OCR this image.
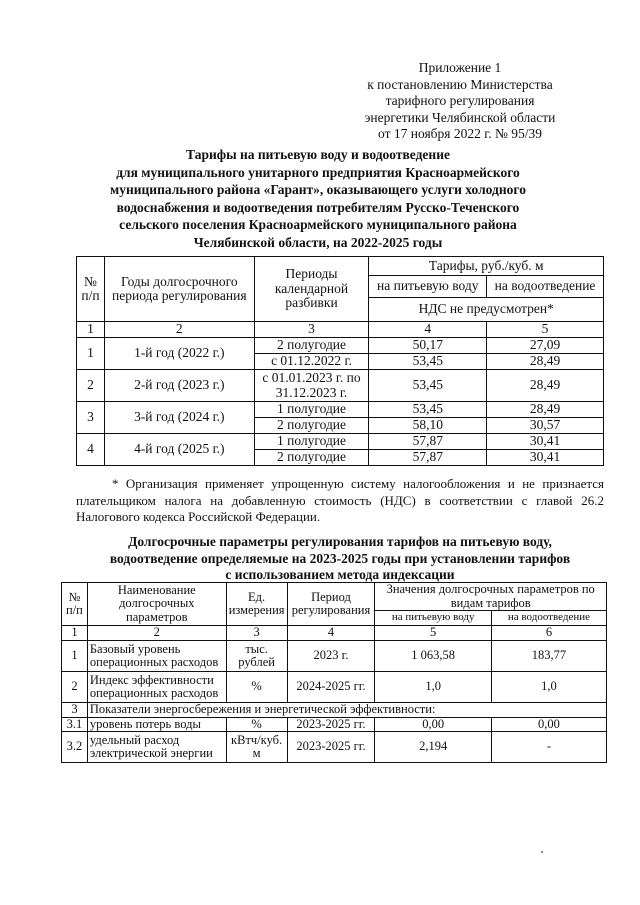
Приложение 1
к постановлению Министерства
тарифного регулирования
энергетики Челябинской области
от 17 ноября 2022 г. № 95/39
Тарифы на питьевую воду и водоотведение
для муниципального унитарного предприятия Красноармейского
муниципального района «Гарант», оказывающего услуги холодного
водоснабжения и водоотведения потребителям Русско-Теченского
сельского поселения Красноармейского муниципального района
Челябинской области, на 2022-2025 годы
№ п/п	Годы долгосрочного периода регулирования	Периоды календарной разбивки	Тарифы, руб./куб. м	
			на питьевую воду	на водоотведение
			НДС не предусмотрен*	
1	2	3	4	5
1	1-й год (2022 г.)	2 полугодие	50,17	27,09
		с 01.12.2022 г.	53,45	28,49
2	2-й год (2023 г.)	с 01.01.2023 г. по 31.12.2023 г.	53,45	28,49
3	3-й год (2024 г.)	1 полугодие	53,45	28,49
		2 полугодие	58,10	30,57
4	4-й год (2025 г.)	1 полугодие	57,87	30,41
		2 полугодие	57,87	30,41
* Организация применяет упрощенную систему налогообложения и не признается плательщиком налога на добавленную стоимость (НДС) в соответствии с главой 26.2 Налогового кодекса Российской Федерации.
Долгосрочные параметры регулирования тарифов на питьевую воду,
водоотведение определяемые на 2023-2025 годы при установлении тарифов
с использованием метода индексации
№ п/п	Наименование долгосрочных параметров	Ед. измерения	Период регулирования	Значения долгосрочных параметров по видам тарифов	
				на питьевую воду	на водоотведение
1	2	3	4	5	6
1	Базовый уровень операционных расходов	тыс. рублей	2023 г.	1 063,58	183,77
2	Индекс эффективности операционных расходов	%	2024-2025 гг.	1,0	1,0
3	Показатели энергосбережения и энергетической эффективности:				
3.1	уровень потерь воды	%	2023-2025 гг.	0,00	0,00
3.2	удельный расход электрической энергии	кВтч/куб. м	2023-2025 гг.	2,194	-
